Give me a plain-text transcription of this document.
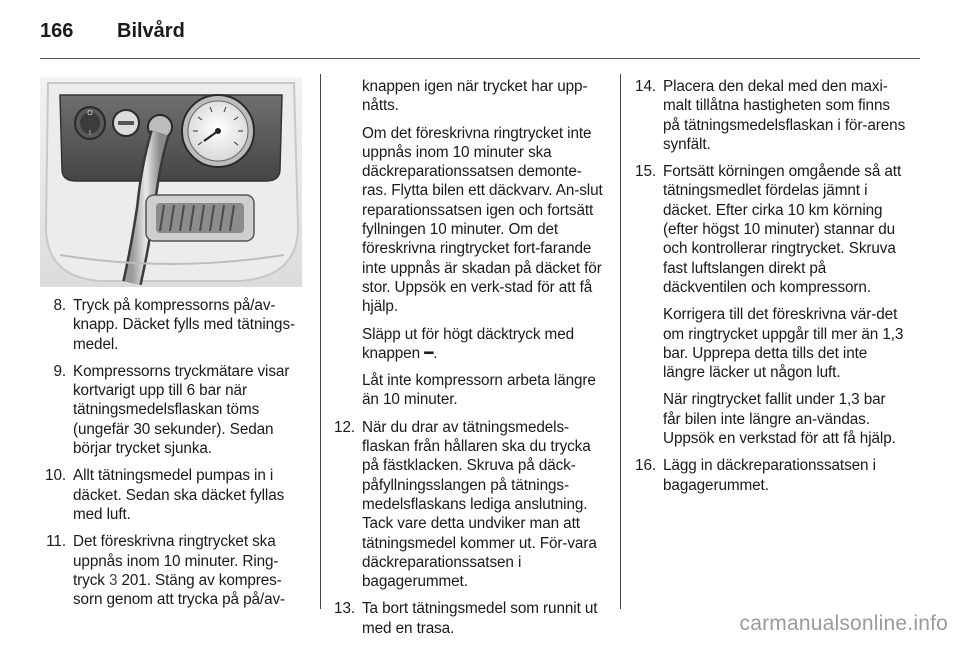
166 Bilvård
O
I
8. Tryck på kompressorns på/av-knapp. Däcket fylls med tätnings-medel.
9. Kompressorns tryckmätare visar kortvarigt upp till 6 bar när tätningsmedelsflaskan töms (ungefär 30 sekunder). Sedan börjar trycket sjunka.
10. Allt tätningsmedel pumpas in i däcket. Sedan ska däcket fyllas med luft.
11. Det föreskrivna ringtrycket ska uppnås inom 10 minuter. Ring-tryck 3 201. Stäng av kompres-sorn genom att trycka på på/av-

knappen igen när trycket har upp-nåtts.

Om det föreskrivna ringtrycket inte uppnås inom 10 minuter ska däckreparationssatsen demonte-ras. Flytta bilen ett däckvarv. An-slut reparationssatsen igen och fortsätt fyllningen 10 minuter. Om det föreskrivna ringtrycket fort-farande inte uppnås är skadan på däcket för stor. Uppsök en verk-stad för att få hjälp.

Släpp ut för högt däcktryck med knappen ━.

Låt inte kompressorn arbeta längre än 10 minuter.

12. När du drar av tätningsmedels-flaskan från hållaren ska du trycka på fästklacken. Skruva på däck-påfyllningsslangen på tätnings-medelsflaskans lediga anslutning. Tack vare detta undviker man att tätningsmedel kommer ut. För-vara däckreparationssatsen i bagagerummet.
13. Ta bort tätningsmedel som runnit ut med en trasa.
14. Placera den dekal med den maxi-malt tillåtna hastigheten som finns på tätningsmedelsflaskan i för-arens synfält.
15. Fortsätt körningen omgående så att tätningsmedlet fördelas jämnt i däcket. Efter cirka 10 km körning (efter högst 10 minuter) stannar du och kontrollerar ringtrycket. Skruva fast luftslangen direkt på däckventilen och kompressorn.

Korrigera till det föreskrivna vär-det om ringtrycket uppgår till mer än 1,3 bar. Upprepa detta tills det inte längre läcker ut någon luft.

När ringtrycket fallit under 1,3 bar får bilen inte längre an-vändas. Uppsök en verkstad för att få hjälp.

16. Lägg in däckreparationssatsen i bagagerummet.
carmanualsonline.info
